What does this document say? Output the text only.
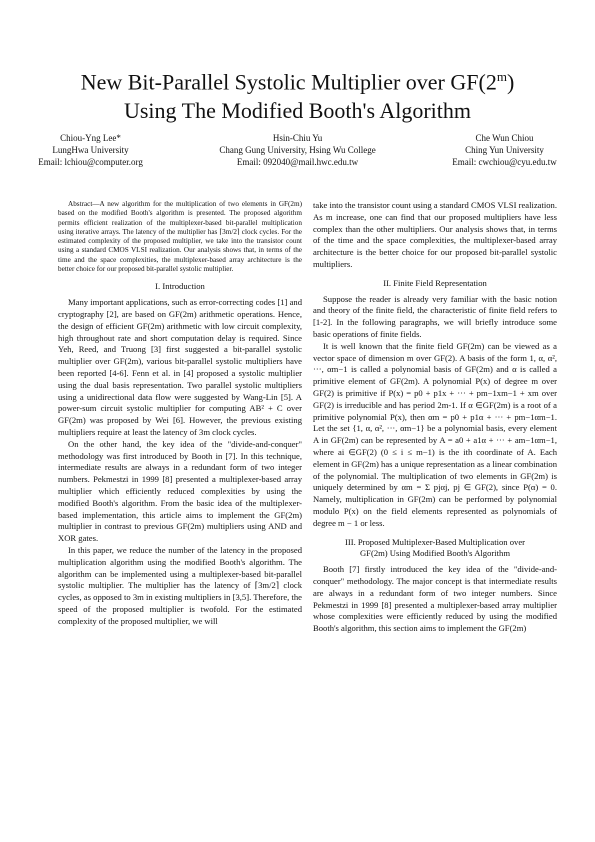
New Bit-Parallel Systolic Multiplier over GF(2$^m$)
Using The Modified Booth's Algorithm
Chiou-Yng Lee*
LungHwa University
Email: lchiou@computer.org
Hsin-Chiu Yu
Chang Gung University, Hsing Wu College
Email: 092040@mail.hwc.edu.tw
Che Wun Chiou
Ching Yun University
Email: cwchiou@cyu.edu.tw

Abstract—A new algorithm for the multiplication of two elements in GF(2m) based on the modified Booth's algorithm is presented. The proposed algorithm permits efficient realization of the multiplexer-based bit-parallel multiplication using iterative arrays. The latency of the multiplier has ⌈3m/2⌉ clock cycles. For the estimated complexity of the proposed multiplier, we take into the transistor count using a standard CMOS VLSI realization. Our analysis shows that, in terms of the time and the space complexities, the multiplexer-based array architecture is the better choice for our proposed bit-parallel systolic multiplier.

I. Introduction

Many important applications, such as error-correcting codes [1] and cryptography [2], are based on GF(2m) arithmetic operations. Hence, the design of efficient GF(2m) arithmetic with low circuit complexity, high throughout rate and short computation delay is required. Since Yeh, Reed, and Truong [3] first suggested a bit-parallel systolic multiplier over GF(2m), various bit-parallel systolic multipliers have been reported [4-6]. Fenn et al. in [4] proposed a systolic multiplier using the dual basis representation. Two parallel systolic multipliers using a unidirectional data flow were suggested by Wang-Lin [5]. A power-sum circuit systolic multiplier for computing AB² + C over GF(2m) was proposed by Wei [6]. However, the previous existing multipliers require at least the latency of 3m clock cycles.

On the other hand, the key idea of the "divide-and-conquer" methodology was first introduced by Booth in [7]. In this technique, intermediate results are always in a redundant form of two integer numbers. Pekmestzi in 1999 [8] presented a multiplexer-based array multiplier which efficiently reduced complexities by using the modified Booth's algorithm. From the basic idea of the multiplexer-based implementation, this article aims to implement the GF(2m) multiplier in contrast to previous GF(2m) multipliers using AND and XOR gates.

In this paper, we reduce the number of the latency in the proposed multiplication algorithm using the modified Booth's algorithm. The algorithm can be implemented using a multiplexer-based bit-parallel systolic multiplier. The multiplier has the latency of ⌈3m/2⌉ clock cycles, as opposed to 3m in existing multipliers in [3,5]. Therefore, the speed of the proposed multiplier is twofold. For the estimated complexity of the proposed multiplier, we will

take into the transistor count using a standard CMOS VLSI realization. As m increase, one can find that our proposed multipliers have less complex than the other multipliers. Our analysis shows that, in terms of the time and the space complexities, the multiplexer-based array architecture is the better choice for our proposed bit-parallel systolic multipliers.

II. Finite Field Representation

Suppose the reader is already very familiar with the basic notion and theory of the finite field, the characteristic of finite field refers to [1-2]. In the following paragraphs, we will briefly introduce some basic operations of finite fields.

It is well known that the finite field GF(2m) can be viewed as a vector space of dimension m over GF(2). A basis of the form 1, α, α², ···, αm−1 is called a polynomial basis of GF(2m) and α is called a primitive element of GF(2m). A polynomial P(x) of degree m over GF(2) is primitive if P(x) = p0 + p1x + ··· + pm−1xm−1 + xm over GF(2) is irreducible and has period 2m-1. If α ∈GF(2m) is a root of a primitive polynomial P(x), then αm = p0 + p1α + ··· + pm−1αm−1. Let the set {1, α, α², ···, αm−1} be a polynomial basis, every element A in GF(2m) can be represented by A = a0 + a1α + ··· + am−1αm−1, where ai ∈GF(2) (0 ≤ i ≤ m−1) is the ith coordinate of A. Each element in GF(2m) has a unique representation as a linear combination of the polynomial. The multiplication of two elements in GF(2m) is uniquely determined by αm = Σ pjαj, pj ∈ GF(2), since P(α) = 0. Namely, multiplication in GF(2m) can be performed by polynomial modulo P(x) on the field elements represented as polynomials of degree m − 1 or less.

III. Proposed Multiplexer-Based Multiplication over
GF(2m) Using Modified Booth's Algorithm

Booth [7] firstly introduced the key idea of the "divide-and-conquer" methodology. The major concept is that intermediate results are always in a redundant form of two integer numbers. Since Pekmestzi in 1999 [8] presented a multiplexer-based array multiplier whose complexities were efficiently reduced by using the modified Booth's algorithm, this section aims to implement the GF(2m)
